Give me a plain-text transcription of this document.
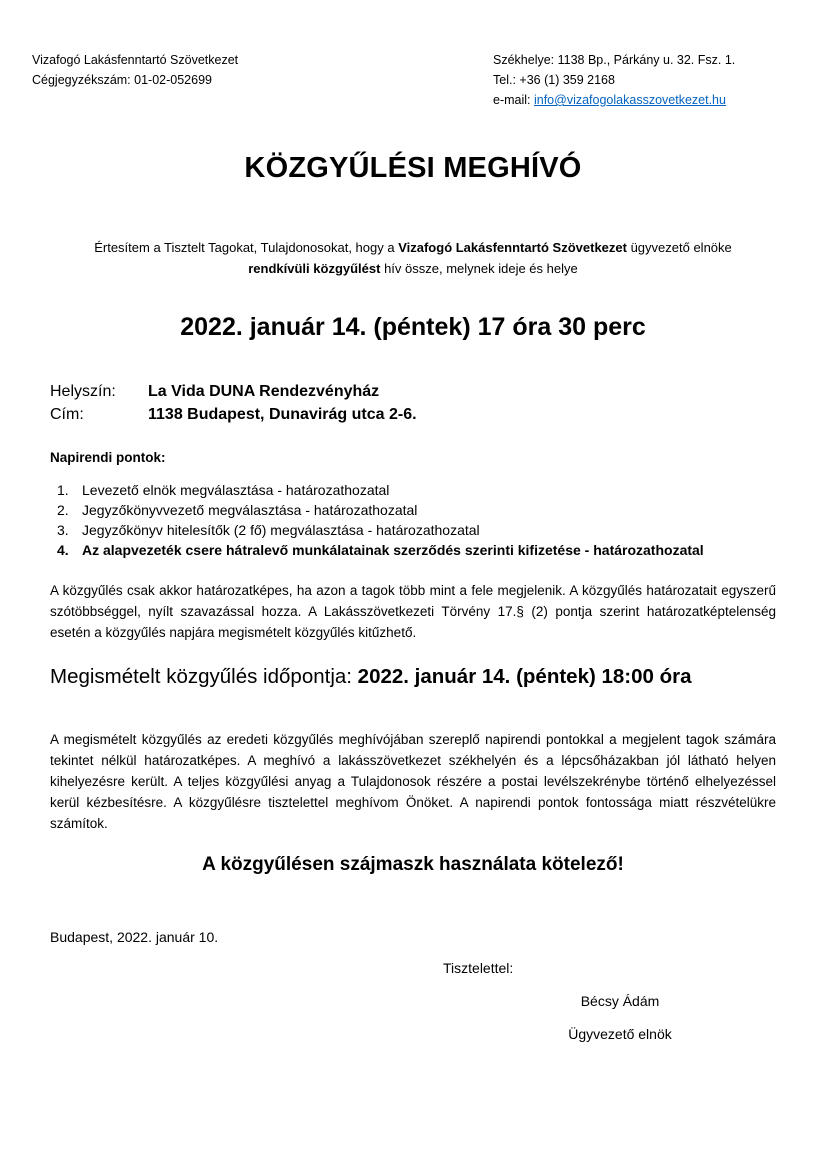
Vizafogó Lakásfenntartó Szövetkezet
Cégjegyzékszám: 01-02-052699
Székhelye: 1138 Bp., Párkány u. 32. Fsz. 1.
Tel.: +36 (1) 359 2168
e-mail: info@vizafogolakasszovetkezet.hu
KÖZGYŰLÉSI MEGHÍVÓ
Értesítem a Tisztelt Tagokat, Tulajdonosokat, hogy a Vizafogó Lakásfenntartó Szövetkezet ügyvezető elnöke
rendkívüli közgyűlést hív össze, melynek ideje és helye
2022. január 14. (péntek) 17 óra 30 perc
Helyszín: La Vida DUNA Rendezvényház
Cím:	1138 Budapest, Dunavirág utca 2-6.
Napirendi pontok:
1. Levezető elnök megválasztása - határozathozatal
2. Jegyzőkönyvvezető megválasztása - határozathozatal
3. Jegyzőkönyv hitelesítők (2 fő) megválasztása - határozathozatal
4. Az alapvezeték csere hátralevő munkálatainak szerződés szerinti kifizetése - határozathozatal
A közgyűlés csak akkor határozatképes, ha azon a tagok több mint a fele megjelenik. A közgyűlés határozatait egyszerű szótöbbséggel, nyílt szavazással hozza. A Lakásszövetkezeti Törvény 17.§ (2) pontja szerint határozatképtelenség esetén a közgyűlés napjára megismételt közgyűlés kitűzhető.
Megismételt közgyűlés időpontja: 2022. január 14. (péntek) 18:00 óra
A megismételt közgyűlés az eredeti közgyűlés meghívójában szereplő napirendi pontokkal a megjelent tagok számára tekintet nélkül határozatképes. A meghívó a lakásszövetkezet székhelyén és a lépcsőházakban jól látható helyen kihelyezésre került. A teljes közgyűlési anyag a Tulajdonosok részére a postai levélszekrénybe történő elhelyezéssel kerül kézbesítésre. A közgyűlésre tisztelettel meghívom Önöket. A napirendi pontok fontossága miatt részvételükre számítok.
A közgyűlésen szájmaszk használata kötelező!
Budapest, 2022. január 10.
Tisztelettel:
Bécsy Ádám
Ügyvezető elnök
